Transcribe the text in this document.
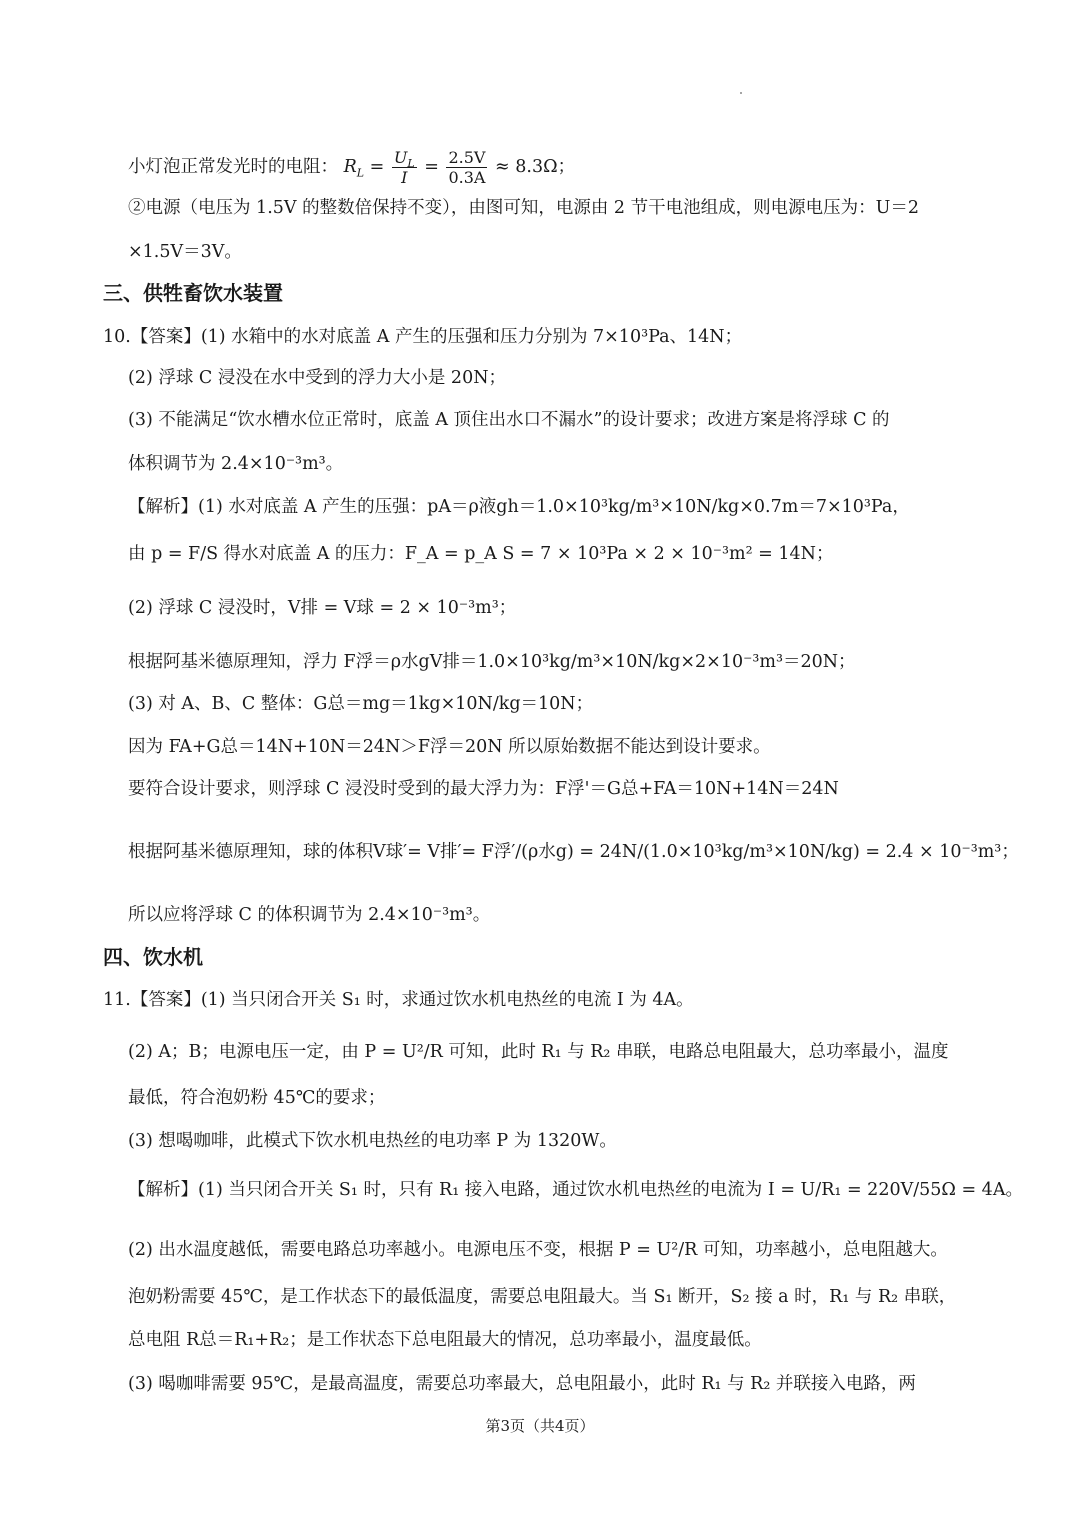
小灯泡正常发光时的电阻： $R_L = \frac{U_L}{I} = \frac{2.5V}{0.3A} \approx 8.3\Omega$；
②电源（电压为 1.5V 的整数倍保持不变），由图可知，电源由 2 节干电池组成，则电源电压为：U＝2
×1.5V＝3V。
三、供牲畜饮水装置
10.【答案】(1) 水箱中的水对底盖 A 产生的压强和压力分别为 7×10³Pa、14N；
(2) 浮球 C 浸没在水中受到的浮力大小是 20N；
(3) 不能满足“饮水槽水位正常时，底盖 A 顶住出水口不漏水”的设计要求；改进方案是将浮球 C 的
体积调节为 2.4×10⁻³m³。
【解析】(1) 水对底盖 A 产生的压强：pA＝ρ液gh＝1.0×10³kg/m³×10N/kg×0.7m＝7×10³Pa，
由 p = F/S 得水对底盖 A 的压力：F_A = p_A S = 7 × 10³Pa × 2 × 10⁻³m² = 14N；
(2) 浮球 C 浸没时，V排 = V球 = 2 × 10⁻³m³；
根据阿基米德原理知，浮力 F浮＝ρ水gV排＝1.0×10³kg/m³×10N/kg×2×10⁻³m³＝20N；
(3) 对 A、B、C 整体：G总＝mg＝1kg×10N/kg＝10N；
因为 FA+G总＝14N+10N＝24N＞F浮＝20N 所以原始数据不能达到设计要求。
要符合设计要求，则浮球 C 浸没时受到的最大浮力为：F浮'＝G总+FA＝10N+14N＝24N
根据阿基米德原理知，球的体积V球′= V排′= F浮′/(ρ水g) = 24N/(1.0×10³kg/m³×10N/kg) = 2.4 × 10⁻³m³；
所以应将浮球 C 的体积调节为 2.4×10⁻³m³。
四、饮水机
11.【答案】(1) 当只闭合开关 S₁ 时，求通过饮水机电热丝的电流 I 为 4A。
(2) A；B；电源电压一定，由 P = U²/R 可知，此时 R₁ 与 R₂ 串联，电路总电阻最大，总功率最小，温度
最低，符合泡奶粉 45℃的要求；
(3) 想喝咖啡，此模式下饮水机电热丝的电功率 P 为 1320W。
【解析】(1) 当只闭合开关 S₁ 时，只有 R₁ 接入电路，通过饮水机电热丝的电流为 I = U/R₁ = 220V/55Ω = 4A。
(2) 出水温度越低，需要电路总功率越小。电源电压不变，根据 P = U²/R 可知，功率越小，总电阻越大。
泡奶粉需要 45℃，是工作状态下的最低温度，需要总电阻最大。当 S₁ 断开，S₂ 接 a 时，R₁ 与 R₂ 串联，
总电阻 R总＝R₁+R₂；是工作状态下总电阻最大的情况，总功率最小，温度最低。
(3) 喝咖啡需要 95℃，是最高温度，需要总功率最大，总电阻最小，此时 R₁ 与 R₂ 并联接入电路，两
第3页（共4页）
